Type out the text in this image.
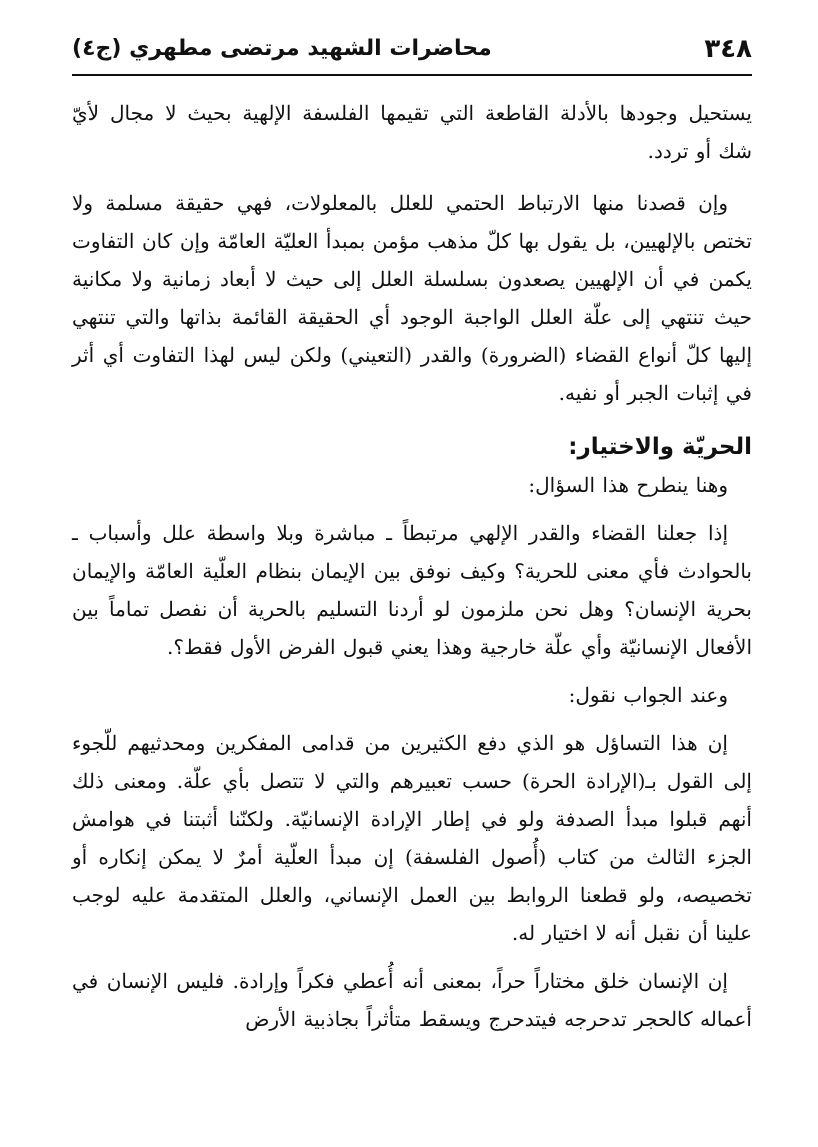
٣٤٨
محاضرات الشهيد مرتضى مطهري (ج٤)

يستحيل وجودها بالأدلة القاطعة التي تقيمها الفلسفة الإلهية بحيث لا مجال لأيّ شك أو تردد.

وإن قصدنا منها الارتباط الحتمي للعلل بالمعلولات، فهي حقيقة مسلمة ولا تختص بالإلهيين، بل يقول بها كلّ مذهب مؤمن بمبدأ العليّة العامّة وإن كان التفاوت يكمن في أن الإلهيين يصعدون بسلسلة العلل إلى حيث لا أبعاد زمانية ولا مكانية حيث تنتهي إلى علّة العلل الواجبة الوجود أي الحقيقة القائمة بذاتها والتي تنتهي إليها كلّ أنواع القضاء (الضرورة) والقدر (التعيني) ولكن ليس لهذا التفاوت أي أثر في إثبات الجبر أو نفيه.

الحريّة والاختيار:

وهنا ينطرح هذا السؤال:

إذا جعلنا القضاء والقدر الإلهي مرتبطاً ـ مباشرة وبلا واسطة علل وأسباب ـ بالحوادث فأي معنى للحرية؟ وكيف نوفق بين الإيمان بنظام العلّية العامّة والإيمان بحرية الإنسان؟ وهل نحن ملزمون لو أردنا التسليم بالحرية أن نفصل تماماً بين الأفعال الإنسانيّة وأي علّة خارجية وهذا يعني قبول الفرض الأول فقط؟.

وعند الجواب نقول:

إن هذا التساؤل هو الذي دفع الكثيرين من قدامى المفكرين ومحدثيهم للّجوء إلى القول بـ(الإرادة الحرة) حسب تعبيرهم والتي لا تتصل بأي علّة. ومعنى ذلك أنهم قبلوا مبدأ الصدفة ولو في إطار الإرادة الإنسانيّة. ولكنّنا أثبتنا في هوامش الجزء الثالث من كتاب (أُصول الفلسفة) إن مبدأ العلّية أمرٌ لا يمكن إنكاره أو تخصيصه، ولو قطعنا الروابط بين العمل الإنساني، والعلل المتقدمة عليه لوجب علينا أن نقبل أنه لا اختيار له.

إن الإنسان خلق مختاراً حراً، بمعنى أنه أُعطي فكراً وإرادة. فليس الإنسان في أعماله كالحجر تدحرجه فيتدحرج ويسقط متأثراً بجاذبية الأرض
